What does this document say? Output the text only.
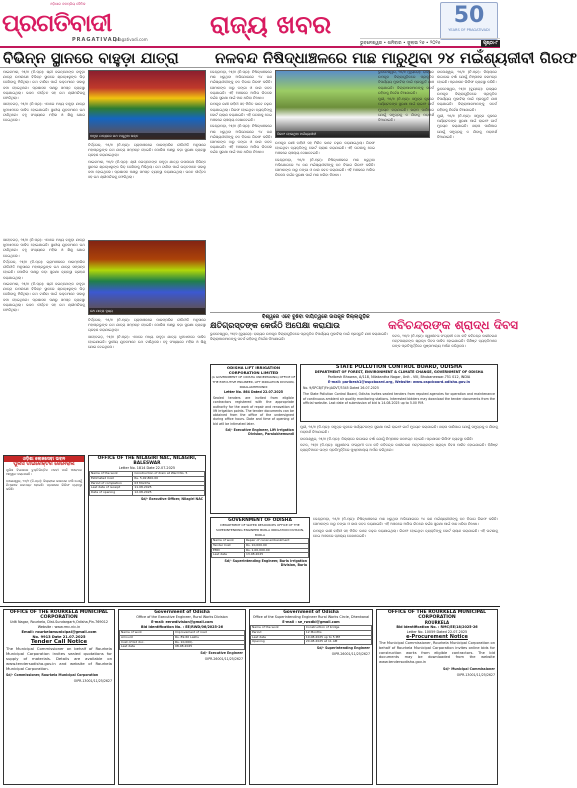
ଓଡ଼ିଶାର ଜନପ୍ରିୟ ଦୈନିକ
ପ୍ରଗତିବାଦୀ
PRAGATIVADI
pragativadi.com
ରାଜ୍ୟ ଖବର	50
YEARS OF PRAGATIVADI
ଭୁବନେଶ୍ୱର • ଶନିବାର • ଜୁଲାଇ ୨୬ • ୨୦୨୫	ପୃଷ୍ଠା-୮
ବିଭିନ୍ନ ସ୍ଥାନରେ ବାହୁଡ଼ା ଯାତ୍ରା ନଳବନ୍ଦ ନିଷିଦ୍ଧାଞ୍ଚଳରେ ମାଛ ମାରୁଥିବା ୨୪ ମଇଁଶ୍ୟଜୀବୀ ଗିରଫ

ପାଇକମାଳ, ୨୫/୭ (ନି.ପ୍ର): ଶ୍ରୀ ଜଗନ୍ନାଥଙ୍କ ବାହୁଡ଼ା ଯାତ୍ରା ଉପଲକ୍ଷେ ବିଭିନ୍ନ ସ୍ଥାନରେ ଶ୍ରଦ୍ଧାଳୁଙ୍କ ଭିଡ଼ ଦେଖିବାକୁ ମିଳିଥିଲା। ରଥ ଟାଣିବା ପାଇଁ ଭକ୍ତମାନେ ସକାଳୁ ଜମା ହୋଇଥିଲେ। ପ୍ରଶାସନ ପକ୍ଷରୁ ସମସ୍ତ ବ୍ୟବସ୍ଥା କରାଯାଇଥିଲା। ଭଜନ କୀର୍ତ୍ତନ ସହ ରଥ ଶ୍ରୀମନ୍ଦିରକୁ ଫେରିଥିଲା।

ସାହେବଗଡ଼, ୨୫/୭ (ନି.ପ୍ର): ଏଠାରେ ମଧ୍ୟ ବାହୁଡ଼ା ଯାତ୍ରା ଧୁମଧାମରେ ପାଳିତ ହୋଇଯାଇଛି। ସ୍ଥାନୀୟ ଯୁବକମାନେ ରଥ ଟାଣିଥିଲେ। ବହୁ ସଂଖ୍ୟାରେ ମହିଳା ଓ ଶିଶୁ ଯୋଗ ଦେଇଥିଲେ।

ବାହୁଡ଼ା ଯାତ୍ରାରେ ରଥ ଟାଣୁଥିବା ଭକ୍ତ

ତିର୍ତ୍ତୋଳ, ୨୫/୭ (ନି.ପ୍ର): ଗ୍ରାମାଞ୍ଚଳରେ ପାରମ୍ପରିକ ରୀତିନୀତି ଅନୁସାରେ ମହାପ୍ରଭୁଙ୍କ ରଥ ଯାତ୍ରା ସମ୍ପନ୍ନ ହୋଇଛି। ପୋଲିସ ପକ୍ଷରୁ କଡ଼ା ସୁରକ୍ଷା ବ୍ୟବସ୍ଥା ଗ୍ରହଣ କରାଯାଇଥିଲା।

ପାଇକମାଳ, ୨୫/୭ (ନି.ପ୍ର): ଶ୍ରୀ ଜଗନ୍ନାଥଙ୍କ ବାହୁଡ଼ା ଯାତ୍ରା ଉପଲକ୍ଷେ ବିଭିନ୍ନ ସ୍ଥାନରେ ଶ୍ରଦ୍ଧାଳୁଙ୍କ ଭିଡ଼ ଦେଖିବାକୁ ମିଳିଥିଲା। ରଥ ଟାଣିବା ପାଇଁ ଭକ୍ତମାନେ ସକାଳୁ ଜମା ହୋଇଥିଲେ। ପ୍ରଶାସନ ପକ୍ଷରୁ ସମସ୍ତ ବ୍ୟବସ୍ଥା କରାଯାଇଥିଲା। ଭଜନ କୀର୍ତ୍ତନ ସହ ରଥ ଶ୍ରୀମନ୍ଦିରକୁ ଫେରିଥିଲା।

କେନ୍ଦ୍ରାପଡ଼ା, ୨୫/୭ (ନି.ପ୍ର): ନିଷିଦ୍ଧାଞ୍ଚଳରେ ମାଛ ଧରୁଥିବା ଅଭିଯୋଗରେ ୨୪ ଜଣ ମଇଁଶ୍ୟଜୀବୀଙ୍କୁ ବନ ବିଭାଗ ଗିରଫ କରିଛି। ସେମାନଙ୍କ ଠାରୁ ଡଙ୍ଗା ଓ ଜାଲ ଜବତ କରାଯାଇଛି। ଏହି ଅଞ୍ଚଳରେ ଅଲିଭ ରିଡଲେ କଇଁଛ ସୁରକ୍ଷା ପାଇଁ ମାଛ ଧରିବା ନିଷେଧ।

ଉପକୂଳ ରକ୍ଷୀ ବାହିନୀ ସହ ମିଳିତ ଭାବେ ଚଢ଼ଉ କରାଯାଇଥିଲା। ଗିରଫ ହୋଇଥିବା ବ୍ୟକ୍ତିଙ୍କୁ କୋର୍ଟ ଚାଲାଣ କରାଯାଇଛି। ଏହି ଘଟଣାକୁ ନେଇ ଅଞ୍ଚଳରେ ଚାଞ୍ଚଲ୍ୟ ଦେଖାଦେଇଛି।

କେନ୍ଦ୍ରାପଡ଼ା, ୨୫/୭ (ନି.ପ୍ର): ନିଷିଦ୍ଧାଞ୍ଚଳରେ ମାଛ ଧରୁଥିବା ଅଭିଯୋଗରେ ୨୪ ଜଣ ମଇଁଶ୍ୟଜୀବୀଙ୍କୁ ବନ ବିଭାଗ ଗିରଫ କରିଛି। ସେମାନଙ୍କ ଠାରୁ ଡଙ୍ଗା ଓ ଜାଲ ଜବତ କରାଯାଇଛି। ଏହି ଅଞ୍ଚଳରେ ଅଲିଭ ରିଡଲେ କଇଁଛ ସୁରକ୍ଷା ପାଇଁ ମାଛ ଧରିବା ନିଷେଧ।

ଗିରଫ ହୋଇଥିବା ମଇଁଶ୍ୟଜୀବୀ

ଉପକୂଳ ରକ୍ଷୀ ବାହିନୀ ସହ ମିଳିତ ଭାବେ ଚଢ଼ଉ କରାଯାଇଥିଲା। ଗିରଫ ହୋଇଥିବା ବ୍ୟକ୍ତିଙ୍କୁ କୋର୍ଟ ଚାଲାଣ କରାଯାଇଛି। ଏହି ଘଟଣାକୁ ନେଇ ଅଞ୍ଚଳରେ ଚାଞ୍ଚଲ୍ୟ ଦେଖାଦେଇଛି।

କେନ୍ଦ୍ରାପଡ଼ା, ୨୫/୭ (ନି.ପ୍ର): ନିଷିଦ୍ଧାଞ୍ଚଳରେ ମାଛ ଧରୁଥିବା ଅଭିଯୋଗରେ ୨୪ ଜଣ ମଇଁଶ୍ୟଜୀବୀଙ୍କୁ ବନ ବିଭାଗ ଗିରଫ କରିଛି। ସେମାନଙ୍କ ଠାରୁ ଡଙ୍ଗା ଓ ଜାଲ ଜବତ କରାଯାଇଛି। ଏହି ଅଞ୍ଚଳରେ ଅଲିଭ ରିଡଲେ କଇଁଛ ସୁରକ୍ଷା ପାଇଁ ମାଛ ଧରିବା ନିଷେଧ।

ଭୁବନେଶ୍ୱର, ୨୫/୭ (ବ୍ୟୁରୋ): ରାଜ୍ୟର ଉପକୂଳ ଜିଲ୍ଲାଗୁଡ଼ିକରେ ପ୍ରାକୃତିକ ବିପର୍ଯ୍ୟୟ ମୁକାବିଲା ପାଇଁ ପ୍ରସ୍ତୁତି ଯାଞ୍ଚ କରାଯାଇଛି। ଜିଲ୍ଲାପାଳମାନଙ୍କୁ ସତର୍କ ରହିବାକୁ ନିର୍ଦ୍ଦେଶ ଦିଆଯାଇଛି।

ପୁରୀ, ୨୫/୭ (ନି.ପ୍ର): ସମୁଦ୍ର କୂଳରେ ପର୍ଯ୍ୟଟକଙ୍କ ସୁରକ୍ଷା ପାଇଁ ଲାଇଫ ଗାର୍ଡ ମୁତୟନ କରାଯାଇଛି। ଖରାପ ପାଣିପାଗ ଯୋଗୁଁ ସମୁଦ୍ରକୁ ନ ଯିବାକୁ ପରାମର୍ଶ ଦିଆଯାଇଛି।

ବାଲେଶ୍ୱର, ୨୫/୭ (ନି.ପ୍ର): ଜିଲ୍ଲାରେ ଲଗାତାର ବର୍ଷା ଯୋଗୁଁ ନିମ୍ନାଞ୍ଚଳ ଜଳମଗ୍ନ ହୋଇଛି। ପ୍ରଶାସନ ରିଲିଫ ବ୍ୟବସ୍ଥା କରିଛି।

ଭୁବନେଶ୍ୱର, ୨୫/୭ (ବ୍ୟୁରୋ): ରାଜ୍ୟର ଉପକୂଳ ଜିଲ୍ଲାଗୁଡ଼ିକରେ ପ୍ରାକୃତିକ ବିପର୍ଯ୍ୟୟ ମୁକାବିଲା ପାଇଁ ପ୍ରସ୍ତୁତି ଯାଞ୍ଚ କରାଯାଇଛି। ଜିଲ୍ଲାପାଳମାନଙ୍କୁ ସତର୍କ ରହିବାକୁ ନିର୍ଦ୍ଦେଶ ଦିଆଯାଇଛି।

ପୁରୀ, ୨୫/୭ (ନି.ପ୍ର): ସମୁଦ୍ର କୂଳରେ ପର୍ଯ୍ୟଟକଙ୍କ ସୁରକ୍ଷା ପାଇଁ ଲାଇଫ ଗାର୍ଡ ମୁତୟନ କରାଯାଇଛି। ଖରାପ ପାଣିପାଗ ଯୋଗୁଁ ସମୁଦ୍ରକୁ ନ ଯିବାକୁ ପରାମର୍ଶ ଦିଆଯାଇଛି।

ରଥ ଯାତ୍ରା ଦୃଶ୍ୟ

ସାହେବଗଡ଼, ୨୫/୭ (ନି.ପ୍ର): ଏଠାରେ ମଧ୍ୟ ବାହୁଡ଼ା ଯାତ୍ରା ଧୁମଧାମରେ ପାଳିତ ହୋଇଯାଇଛି। ସ୍ଥାନୀୟ ଯୁବକମାନେ ରଥ ଟାଣିଥିଲେ। ବହୁ ସଂଖ୍ୟାରେ ମହିଳା ଓ ଶିଶୁ ଯୋଗ ଦେଇଥିଲେ।

ତିର୍ତ୍ତୋଳ, ୨୫/୭ (ନି.ପ୍ର): ଗ୍ରାମାଞ୍ଚଳରେ ପାରମ୍ପରିକ ରୀତିନୀତି ଅନୁସାରେ ମହାପ୍ରଭୁଙ୍କ ରଥ ଯାତ୍ରା ସମ୍ପନ୍ନ ହୋଇଛି। ପୋଲିସ ପକ୍ଷରୁ କଡ଼ା ସୁରକ୍ଷା ବ୍ୟବସ୍ଥା ଗ୍ରହଣ କରାଯାଇଥିଲା।

ପାଇକମାଳ, ୨୫/୭ (ନି.ପ୍ର): ଶ୍ରୀ ଜଗନ୍ନାଥଙ୍କ ବାହୁଡ଼ା ଯାତ୍ରା ଉପଲକ୍ଷେ ବିଭିନ୍ନ ସ୍ଥାନରେ ଶ୍ରଦ୍ଧାଳୁଙ୍କ ଭିଡ଼ ଦେଖିବାକୁ ମିଳିଥିଲା। ରଥ ଟାଣିବା ପାଇଁ ଭକ୍ତମାନେ ସକାଳୁ ଜମା ହୋଇଥିଲେ। ପ୍ରଶାସନ ପକ୍ଷରୁ ସମସ୍ତ ବ୍ୟବସ୍ଥା କରାଯାଇଥିଲା। ଭଜନ କୀର୍ତ୍ତନ ସହ ରଥ ଶ୍ରୀମନ୍ଦିରକୁ ଫେରିଥିଲା।

ତିର୍ତ୍ତୋଳ, ୨୫/୭ (ନି.ପ୍ର): ଗ୍ରାମାଞ୍ଚଳରେ ପାରମ୍ପରିକ ରୀତିନୀତି ଅନୁସାରେ ମହାପ୍ରଭୁଙ୍କ ରଥ ଯାତ୍ରା ସମ୍ପନ୍ନ ହୋଇଛି। ପୋଲିସ ପକ୍ଷରୁ କଡ଼ା ସୁରକ୍ଷା ବ୍ୟବସ୍ଥା ଗ୍ରହଣ କରାଯାଇଥିଲା।

ସାହେବଗଡ଼, ୨୫/୭ (ନି.ପ୍ର): ଏଠାରେ ମଧ୍ୟ ବାହୁଡ଼ା ଯାତ୍ରା ଧୁମଧାମରେ ପାଳିତ ହୋଇଯାଇଛି। ସ୍ଥାନୀୟ ଯୁବକମାନେ ରଥ ଟାଣିଥିଲେ। ବହୁ ସଂଖ୍ୟାରେ ମହିଳା ଓ ଶିଶୁ ଯୋଗ ଦେଇଥିଲେ।

ବିଶ୍ୱରେ ଏବେ ବୁଝିବା ଦାୟିତ୍ୱରେ ଉପକୂଳ ଜିଲ୍ଲାଗୁଡ଼ିକ
କ୍ଷତିଗ୍ରସ୍ତଙ୍କ କେଉଁଠି ଅପେକ୍ଷା କରାଯାଉ	କବିଚନ୍ଦ୍ରଙ୍କ ଶ୍ରାଦ୍ଧ ଦିବସ

ଭୁବନେଶ୍ୱର, ୨୫/୭ (ବ୍ୟୁରୋ): ରାଜ୍ୟର ଉପକୂଳ ଜିଲ୍ଲାଗୁଡ଼ିକରେ ପ୍ରାକୃତିକ ବିପର୍ଯ୍ୟୟ ମୁକାବିଲା ପାଇଁ ପ୍ରସ୍ତୁତି ଯାଞ୍ଚ କରାଯାଇଛି। ଜିଲ୍ଲାପାଳମାନଙ୍କୁ ସତର୍କ ରହିବାକୁ ନିର୍ଦ୍ଦେଶ ଦିଆଯାଇଛି।

କଟକ, ୨୫/୭ (ନି.ପ୍ର): ସ୍ୱାଧୀନତା ସଂଗ୍ରାମୀ ତଥା କବି କବିଚନ୍ଦ୍ର କାଳୀଚରଣ ପଟ୍ଟନାୟକଙ୍କ ଶ୍ରାଦ୍ଧ ଦିବସ ପାଳିତ ହୋଇଯାଇଛି। ବିଶିଷ୍ଟ ବ୍ୟକ୍ତିମାନେ ତାଙ୍କ ପ୍ରତିମୂର୍ତ୍ତିରେ ପୁଷ୍ପମାଲ୍ୟ ଅର୍ପଣ କରିଥିଲେ।

STATE POLLUTION CONTROL BOARD, ODISHA
DEPARTMENT OF FOREST, ENVIRONMENT & CLIMATE CHANGE, GOVERNMENT OF ODISHA
Paribesh Bhawan, A/118, Nilakantha Nagar, Unit - VIII, Bhubaneswar-751 012, INDIA
E-mail: paribesh1@ospcboard.org, Website: www.ospcboard.odisha.gov.in
No. 9/SPCB/T(Fin)ADVT/3345 Dated 26-07-2025
The State Pollution Control Board, Odisha invites sealed tenders from reputed agencies for operation and maintenance of continuous ambient air quality monitoring stations. Interested bidders may download the tender documents from the official website. Last date of submission of bid is 14.08.2025 up to 5.00 P.M.
ODISHA LIFT IRRIGATION CORPORATION LIMITED
(A GOVERNMENT OF ODISHA UNDERTAKING) OFFICE OF THE EXECUTIVE ENGINEER, LIFT IRRIGATION DIVISION, PARALAKHEMUNDI
Letter No. 864 Dated 22.07.2025
Sealed tenders are invited from eligible contractors registered with the appropriate authority for the work of repair and renovation of lift irrigation points. The tender documents can be obtained from the office of the undersigned during office hours. Date and time of opening of bid will be intimated later.
Sd/- Executive Engineer, Lift Irrigation Division, Paralakhemundi

ପୁରୀ, ୨୫/୭ (ନି.ପ୍ର): ସମୁଦ୍ର କୂଳରେ ପର୍ଯ୍ୟଟକଙ୍କ ସୁରକ୍ଷା ପାଇଁ ଲାଇଫ ଗାର୍ଡ ମୁତୟନ କରାଯାଇଛି। ଖରାପ ପାଣିପାଗ ଯୋଗୁଁ ସମୁଦ୍ରକୁ ନ ଯିବାକୁ ପରାମର୍ଶ ଦିଆଯାଇଛି।

ବାଲେଶ୍ୱର, ୨୫/୭ (ନି.ପ୍ର): ଜିଲ୍ଲାରେ ଲଗାତାର ବର୍ଷା ଯୋଗୁଁ ନିମ୍ନାଞ୍ଚଳ ଜଳମଗ୍ନ ହୋଇଛି। ପ୍ରଶାସନ ରିଲିଫ ବ୍ୟବସ୍ଥା କରିଛି।

କଟକ, ୨୫/୭ (ନି.ପ୍ର): ସ୍ୱାଧୀନତା ସଂଗ୍ରାମୀ ତଥା କବି କବିଚନ୍ଦ୍ର କାଳୀଚରଣ ପଟ୍ଟନାୟକଙ୍କ ଶ୍ରାଦ୍ଧ ଦିବସ ପାଳିତ ହୋଇଯାଇଛି। ବିଶିଷ୍ଟ ବ୍ୟକ୍ତିମାନେ ତାଙ୍କ ପ୍ରତିମୂର୍ତ୍ତିରେ ପୁଷ୍ପମାଲ୍ୟ ଅର୍ପଣ କରିଥିଲେ।

ଓଡ଼ିଶା ଲୋକସେବା ଭବନ
ପୁଲିସ ଡାଇରେକ୍ଟର ଜେନେରାଲ
ପୁଲିସ ବିଭାଗରେ ଚୁକ୍ତିଭିତ୍ତିକ ପଦବୀ ପାଇଁ ଆବେଦନ ଆହ୍ୱାନ କରାଯାଉଛି।
ବାଲେଶ୍ୱର, ୨୫/୭ (ନି.ପ୍ର): ଜିଲ୍ଲାରେ ଲଗାତାର ବର୍ଷା ଯୋଗୁଁ ନିମ୍ନାଞ୍ଚଳ ଜଳମଗ୍ନ ହୋଇଛି। ପ୍ରଶାସନ ରିଲିଫ ବ୍ୟବସ୍ଥା କରିଛି।
OFFICE OF THE NILAGIRI NAC, NILAGIRI, BALESWAR
Letter No. 1814 Date 22.07.2025
Name of the work	Construction of drain at Ward No. 5
Estimated Cost	Rs. 5,92,800.00
Period of completion	03 Months
Last date of receipt	11.08.2025
Date of opening	12.08.2025
Sd/- Executive Officer, Nilagiri NAC
GOVERNMENT OF ODISHA
DEPARTMENT OF WATER RESOURCES OFFICE OF THE SUPERINTENDING ENGINEER BURLA IRRIGATION DIVISION, BURLA
Name of work	Repair of canal embankment
Tender Cost	Rs. 10,000.00
EMD	Rs. 1,00,000.00
Last date	13.08.2025
Sd/- Superintending Engineer, Burla Irrigation Division, Burla

କେନ୍ଦ୍ରାପଡ଼ା, ୨୫/୭ (ନି.ପ୍ର): ନିଷିଦ୍ଧାଞ୍ଚଳରେ ମାଛ ଧରୁଥିବା ଅଭିଯୋଗରେ ୨୪ ଜଣ ମଇଁଶ୍ୟଜୀବୀଙ୍କୁ ବନ ବିଭାଗ ଗିରଫ କରିଛି। ସେମାନଙ୍କ ଠାରୁ ଡଙ୍ଗା ଓ ଜାଲ ଜବତ କରାଯାଇଛି। ଏହି ଅଞ୍ଚଳରେ ଅଲିଭ ରିଡଲେ କଇଁଛ ସୁରକ୍ଷା ପାଇଁ ମାଛ ଧରିବା ନିଷେଧ।

ଉପକୂଳ ରକ୍ଷୀ ବାହିନୀ ସହ ମିଳିତ ଭାବେ ଚଢ଼ଉ କରାଯାଇଥିଲା। ଗିରଫ ହୋଇଥିବା ବ୍ୟକ୍ତିଙ୍କୁ କୋର୍ଟ ଚାଲାଣ କରାଯାଇଛି। ଏହି ଘଟଣାକୁ ନେଇ ଅଞ୍ଚଳରେ ଚାଞ୍ଚଲ୍ୟ ଦେଖାଦେଇଛି।

OFFICE OF THE ROURKELA MUNICIPAL CORPORATION
Udit Nagar, Rourkela, Dist-Sundargarh,Odisha,Pin-769012
Website : www.rmc.nic.in
Email: rourkelamunicipal@gmail.com
No. 9913 Date 21.07.2025
Tender Call Notice
The Municipal Commissioner on behalf of Rourkela Municipal Corporation invites sealed quotations for supply of materials. Details are available on www.tendersodisha.gov.in and website of Rourkela Municipal Corporation.
Sd/- Commissioner, Rourkela Municipal Corporation
OIPR-13001/11/25/2627
Government of Odisha
Office of the Executive Engineer, Rural Works Division
E-mail: eerwdivision@gmail.com
Bid Identification No. : EE/RWD/06/2025-26
Name of work	Improvement of road
Amount	Rs. 89.60 Lakhs
Cost of bid doc.	Rs. 10,000/-
Last date	08.08.2025
Sd/- Executive Engineer
OIPR-26001/11/25/2627
Government of Odisha
Office of the Superintending Engineer Rural Works Circle, Dhenkanal
E-mail : se_rwcdkl@gmail.com
Name of the work	Construction of bridge
Period	12 Months
Last date	19.08.2025 up to 5 PM
Opening	20.08.2025 at 11 AM
Sd/- Superintending Engineer
OIPR-26001/11/25/2627
OFFICE OF THE ROURKELA MUNICIPAL CORPORATION
ROURKELA
Bid Identification No. : RMC/EE/18/2025-26
Letter No. 10059 Dated 22.07.2025
e-Procurement Notice
The Municipal Commissioner, Rourkela Municipal Corporation on behalf of Rourkela Municipal Corporation invites online bids for construction works from eligible contractors. The bid documents may be downloaded from the website www.tendersodisha.gov.in
Sd/- Municipal Commissioner
OIPR-13001/11/25/2627
